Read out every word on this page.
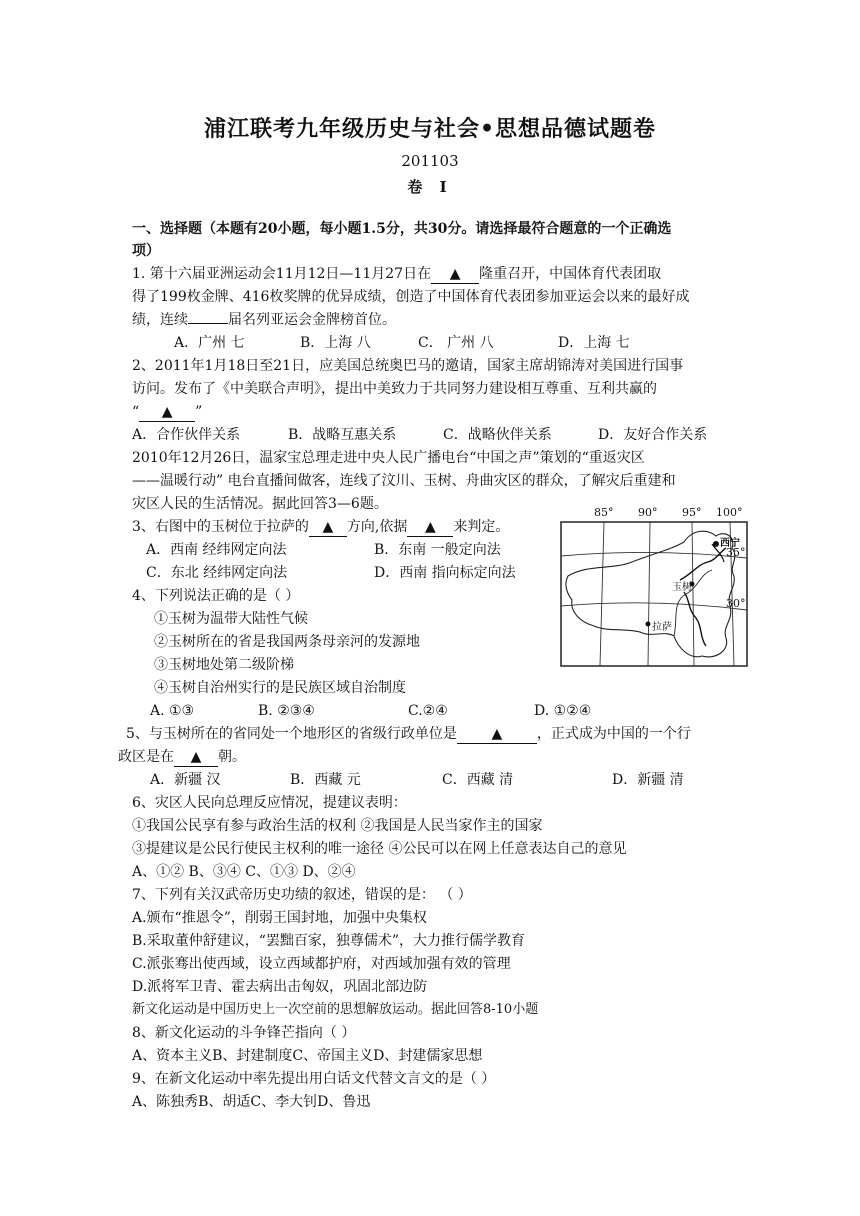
浦江联考九年级历史与社会•思想品德试题卷
201103
卷 Ⅰ
一、选择题（本题有20小题，每小题1.5分，共30分。请选择最符合题意的一个正确选
项）
1. 第十六届亚洲运动会11月12日—11月27日在 ▲ 隆重召开，中国体育代表团取
得了199枚金牌、416枚奖牌的优异成绩，创造了中国体育代表团参加亚运会以来的最好成
绩，连续	届名列亚运会金牌榜首位。
A．广州 七	B．上海 八	C． 广州 八	D．上海 七
2、2011年1月18日至21日，应美国总统奥巴马的邀请，国家主席胡锦涛对美国进行国事
访问。发布了《中美联合声明》，提出中美致力于共同努力建设相互尊重、互利共赢的
“ ▲ ”
A．合作伙伴关系	B．战略互惠关系	C．战略伙伴关系	D．友好合作关系
2010年12月26日，温家宝总理走进中央人民广播电台“中国之声”策划的“重返灾区
——温暖行动” 电台直播间做客，连线了汶川、玉树、舟曲灾区的群众，了解灾后重建和
灾区人民的生活情况。据此回答3—6题。
3、右图中的玉树位于拉萨的 ▲ 方向,依据 ▲ 来判定。
A．西南 经纬网定向法	B．东南 一般定向法
C．东北 经纬网定向法	D．西南 指向标定向法
4、下列说法正确的是（ ）
①玉树为温带大陆性气候
②玉树所在的省是我国两条母亲河的发源地
③玉树地处第二级阶梯
④玉树自治州实行的是民族区域自治制度
A. ①③	B. ②③④	C.②④	D. ①②④
5、与玉树所在的省同处一个地形区的省级行政单位是 ▲ ，正式成为中国的一个行
政区是在 ▲ 朝。
A．新疆 汉	B．西藏 元	C．西藏 清	D．新疆 清
6、灾区人民向总理反应情况，提建议表明：
①我国公民享有参与政治生活的权利 ②我国是人民当家作主的国家
③提建议是公民行使民主权利的唯一途径 ④公民可以在网上任意表达自己的意见
A、①② B、③④ C、①③ D、②④
7、下列有关汉武帝历史功绩的叙述，错误的是： （ ）
A.颁布“推恩令”，削弱王国封地，加强中央集权
B.采取董仲舒建议，“罢黜百家，独尊儒术”，大力推行儒学教育
C.派张骞出使西域，设立西域都护府，对西域加强有效的管理
D.派将军卫青、霍去病出击匈奴，巩固北部边防
新文化运动是中国历史上一次空前的思想解放运动。据此回答8-10小题
8、新文化运动的斗争锋芒指向（ ）
A、资本主义B、封建制度C、帝国主义D、封建儒家思想
9、在新文化运动中率先提出用白话文代替文言文的是（ ）
A、陈独秀B、胡适C、李大钊D、鲁迅
85° 90° 95° 100°
35°
30°
西宁
玉树
拉萨
